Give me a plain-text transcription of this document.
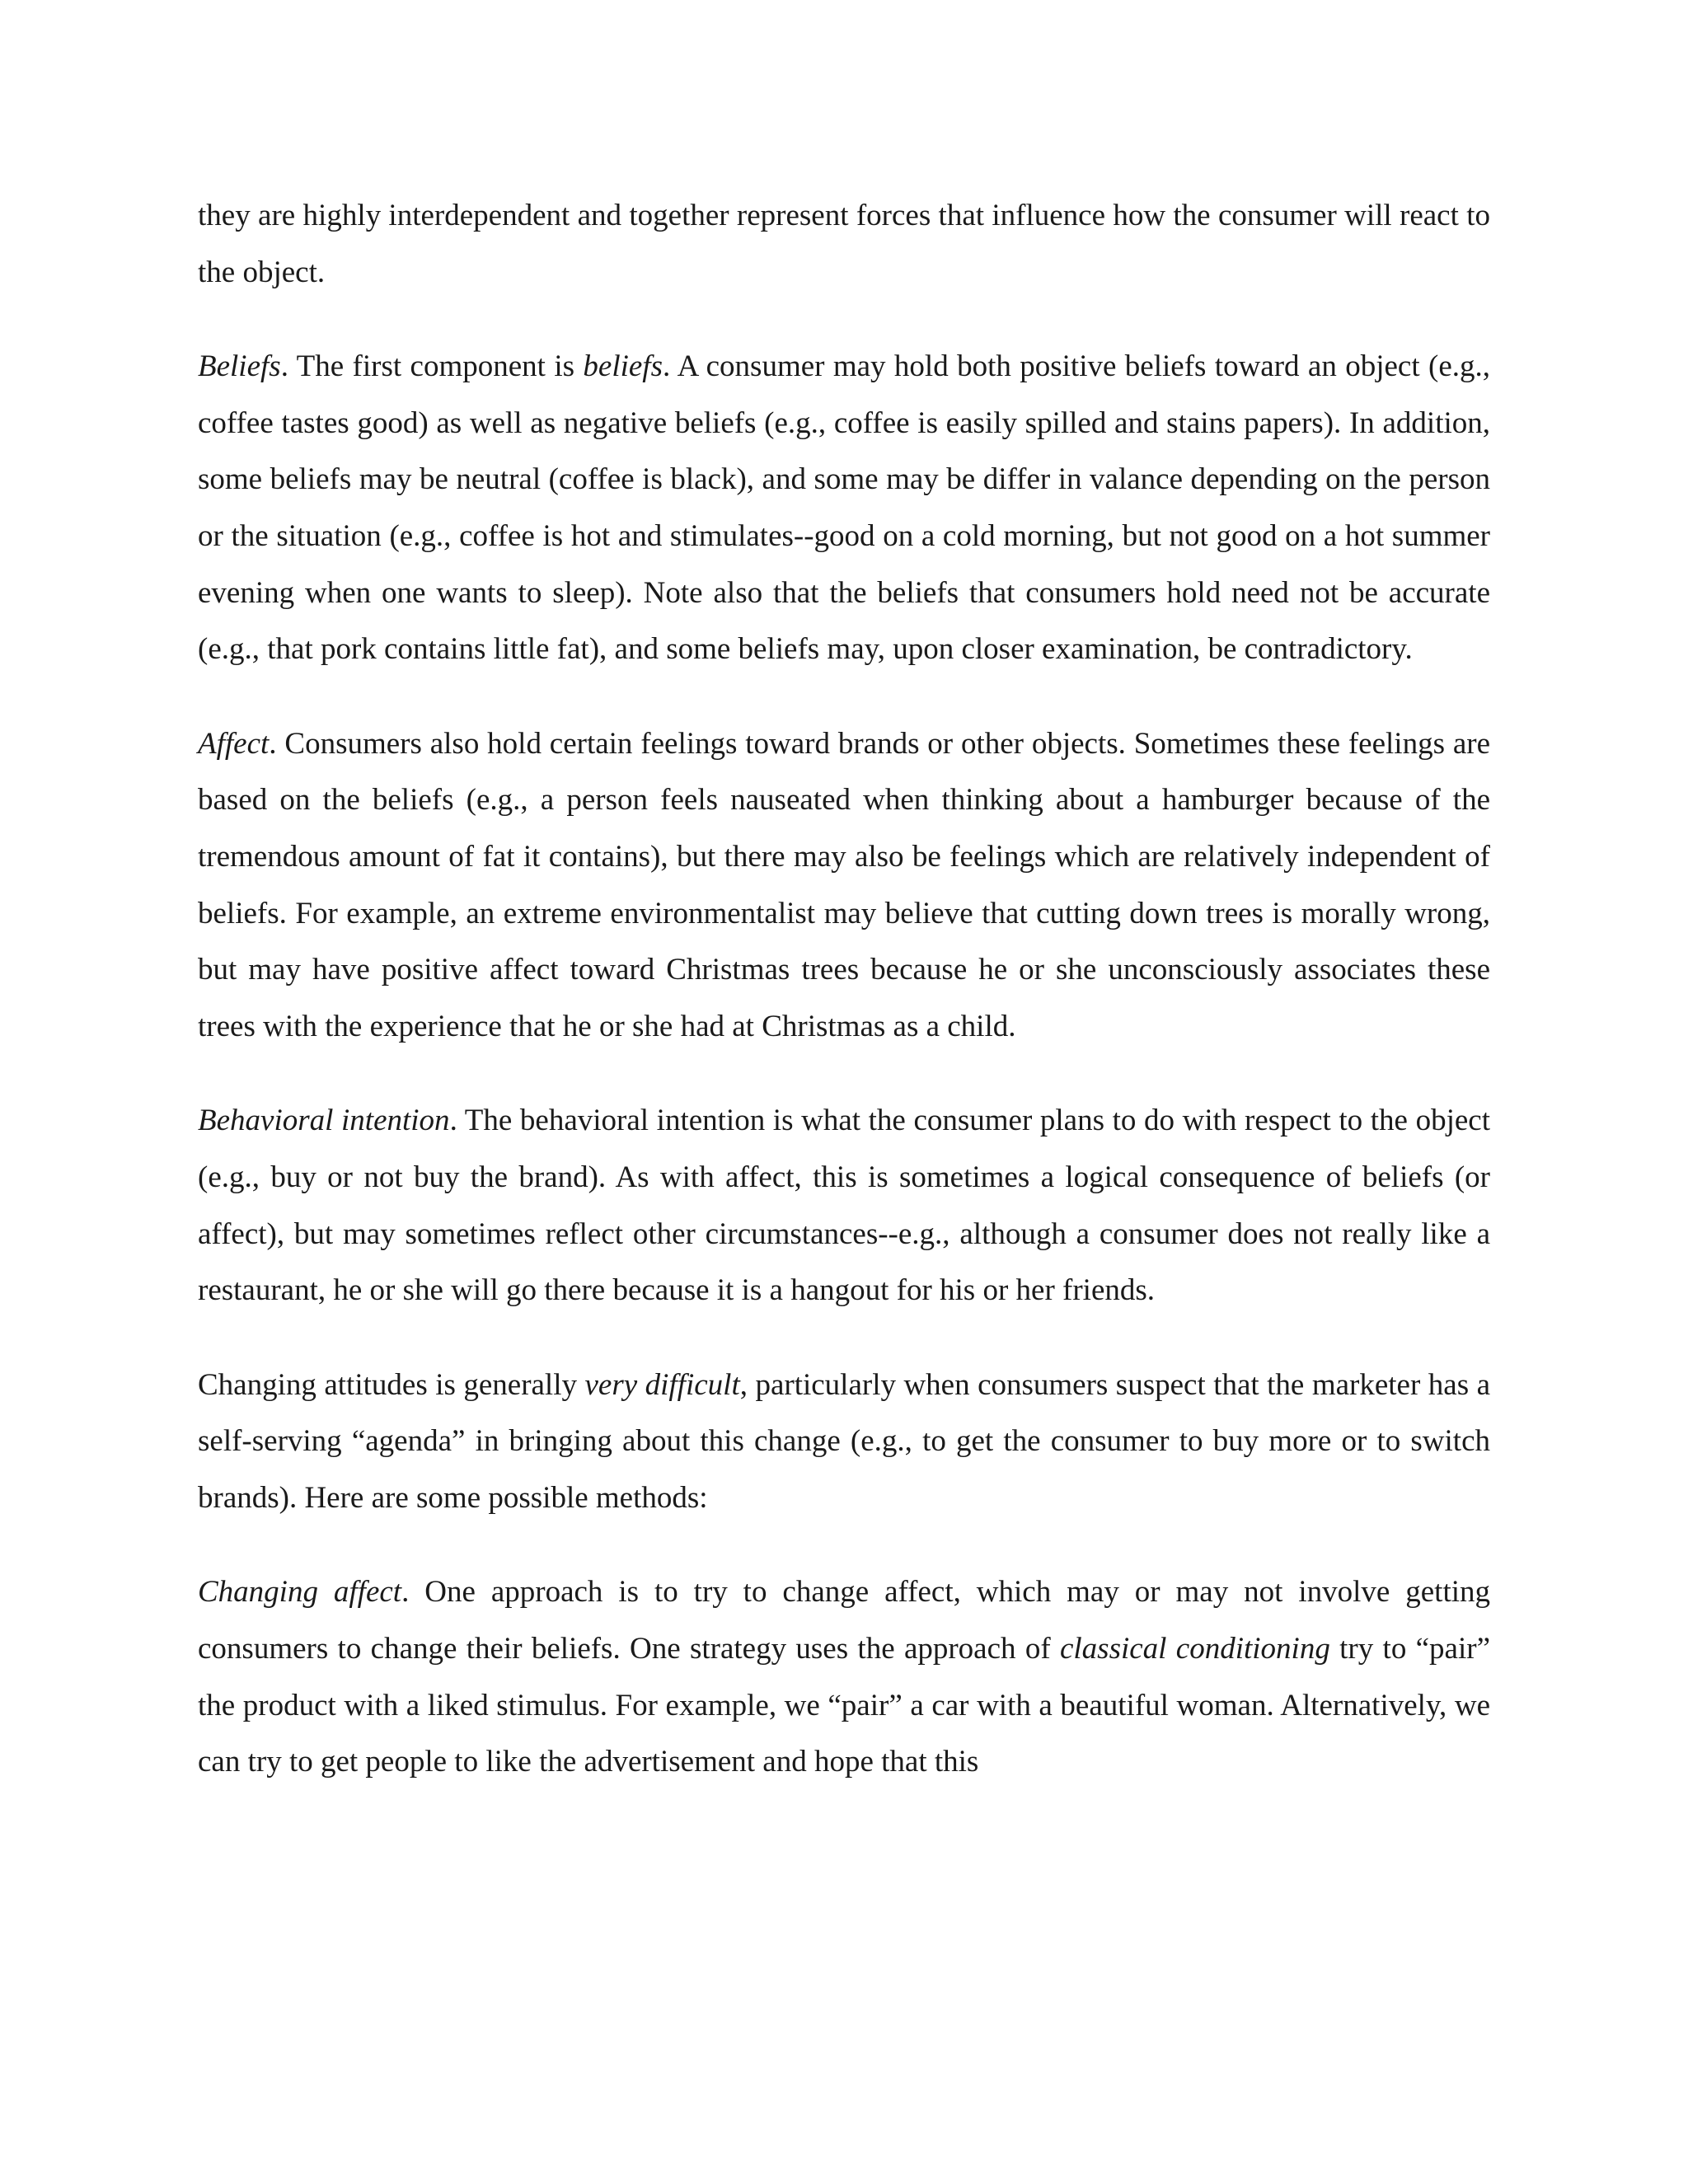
they are highly interdependent and together represent forces that influence how the consumer will react to the object.

Beliefs. The first component is beliefs. A consumer may hold both positive beliefs toward an object (e.g., coffee tastes good) as well as negative beliefs (e.g., coffee is easily spilled and stains papers). In addition, some beliefs may be neutral (coffee is black), and some may be differ in valance depending on the person or the situation (e.g., coffee is hot and stimulates--good on a cold morning, but not good on a hot summer evening when one wants to sleep). Note also that the beliefs that consumers hold need not be accurate (e.g., that pork contains little fat), and some beliefs may, upon closer examination, be contradictory.

Affect. Consumers also hold certain feelings toward brands or other objects. Sometimes these feelings are based on the beliefs (e.g., a person feels nauseated when thinking about a hamburger because of the tremendous amount of fat it contains), but there may also be feelings which are relatively independent of beliefs. For example, an extreme environmentalist may believe that cutting down trees is morally wrong, but may have positive affect toward Christmas trees because he or she unconsciously associates these trees with the experience that he or she had at Christmas as a child.

Behavioral intention. The behavioral intention is what the consumer plans to do with respect to the object (e.g., buy or not buy the brand). As with affect, this is sometimes a logical consequence of beliefs (or affect), but may sometimes reflect other circumstances--e.g., although a consumer does not really like a restaurant, he or she will go there because it is a hangout for his or her friends.

Changing attitudes is generally very difficult, particularly when consumers suspect that the marketer has a self-serving “agenda” in bringing about this change (e.g., to get the consumer to buy more or to switch brands). Here are some possible methods:

Changing affect. One approach is to try to change affect, which may or may not involve getting consumers to change their beliefs. One strategy uses the approach of classical conditioning try to “pair” the product with a liked stimulus. For example, we “pair” a car with a beautiful woman. Alternatively, we can try to get people to like the advertisement and hope that this
